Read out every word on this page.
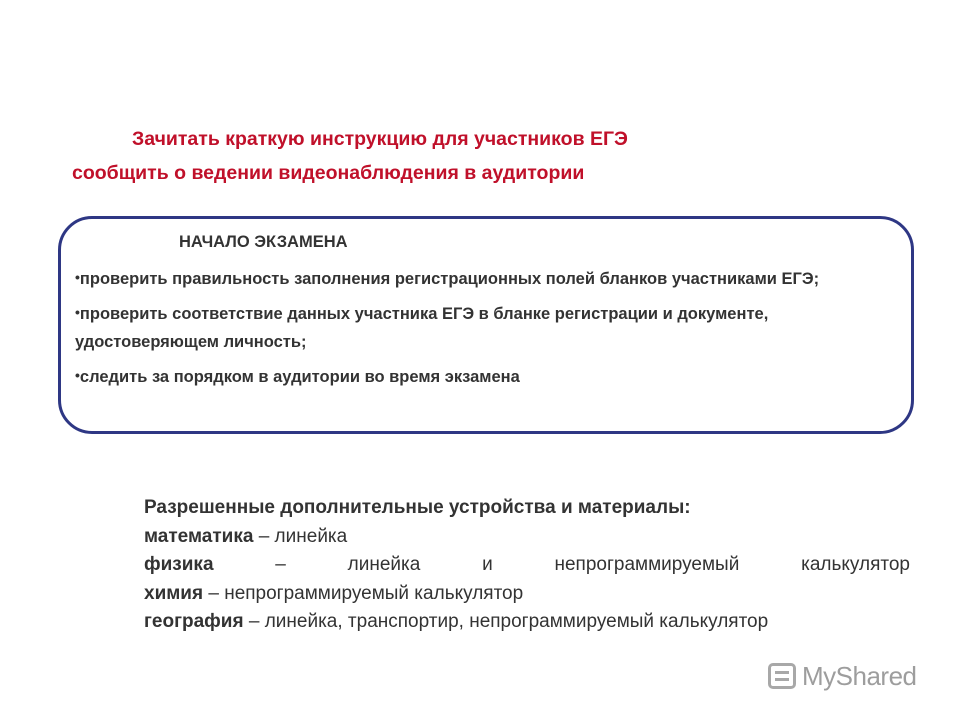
Зачитать краткую инструкцию для участников ЕГЭ
сообщить о ведении видеонаблюдения в аудитории
НАЧАЛО ЭКЗАМЕНА
•проверить правильность заполнения регистрационных полей бланков участниками ЕГЭ;
•проверить соответствие данных участника ЕГЭ в бланке регистрации и документе, удостоверяющем личность;
•следить за порядком в аудитории во время экзамена
Разрешенные дополнительные устройства и материалы:
математика – линейка
физика – линейка и непрограммируемый калькулятор
химия – непрограммируемый калькулятор
география – линейка, транспортир, непрограммируемый калькулятор
MyShared
